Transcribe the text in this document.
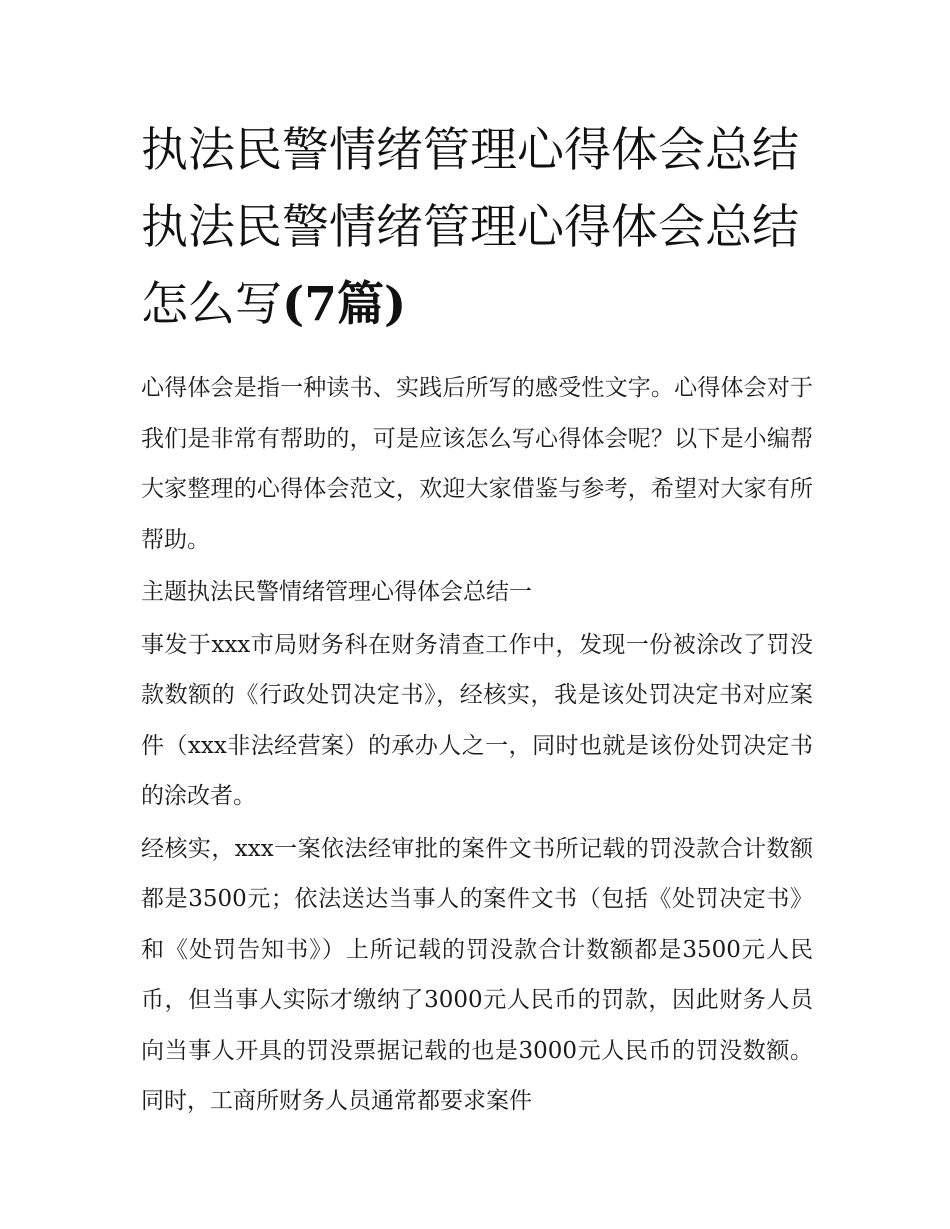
执法民警情绪管理心得体会总结 执法民警情绪管理心得体会总结怎么写(7篇)

心得体会是指一种读书、实践后所写的感受性文字。心得体会对于我们是非常有帮助的，可是应该怎么写心得体会呢？以下是小编帮大家整理的心得体会范文，欢迎大家借鉴与参考，希望对大家有所帮助。

主题执法民警情绪管理心得体会总结一

事发于xxx市局财务科在财务清查工作中，发现一份被涂改了罚没款数额的《行政处罚决定书》，经核实，我是该处罚决定书对应案件（xxx非法经营案）的承办人之一，同时也就是该份处罚决定书的涂改者。

经核实，xxx一案依法经审批的案件文书所记载的罚没款合计数额都是3500元；依法送达当事人的案件文书（包括《处罚决定书》和《处罚告知书》）上所记载的罚没款合计数额都是3500元人民币，但当事人实际才缴纳了3000元人民币的罚款，因此财务人员向当事人开具的罚没票据记载的也是3000元人民币的罚没数额。同时，工商所财务人员通常都要求案件
